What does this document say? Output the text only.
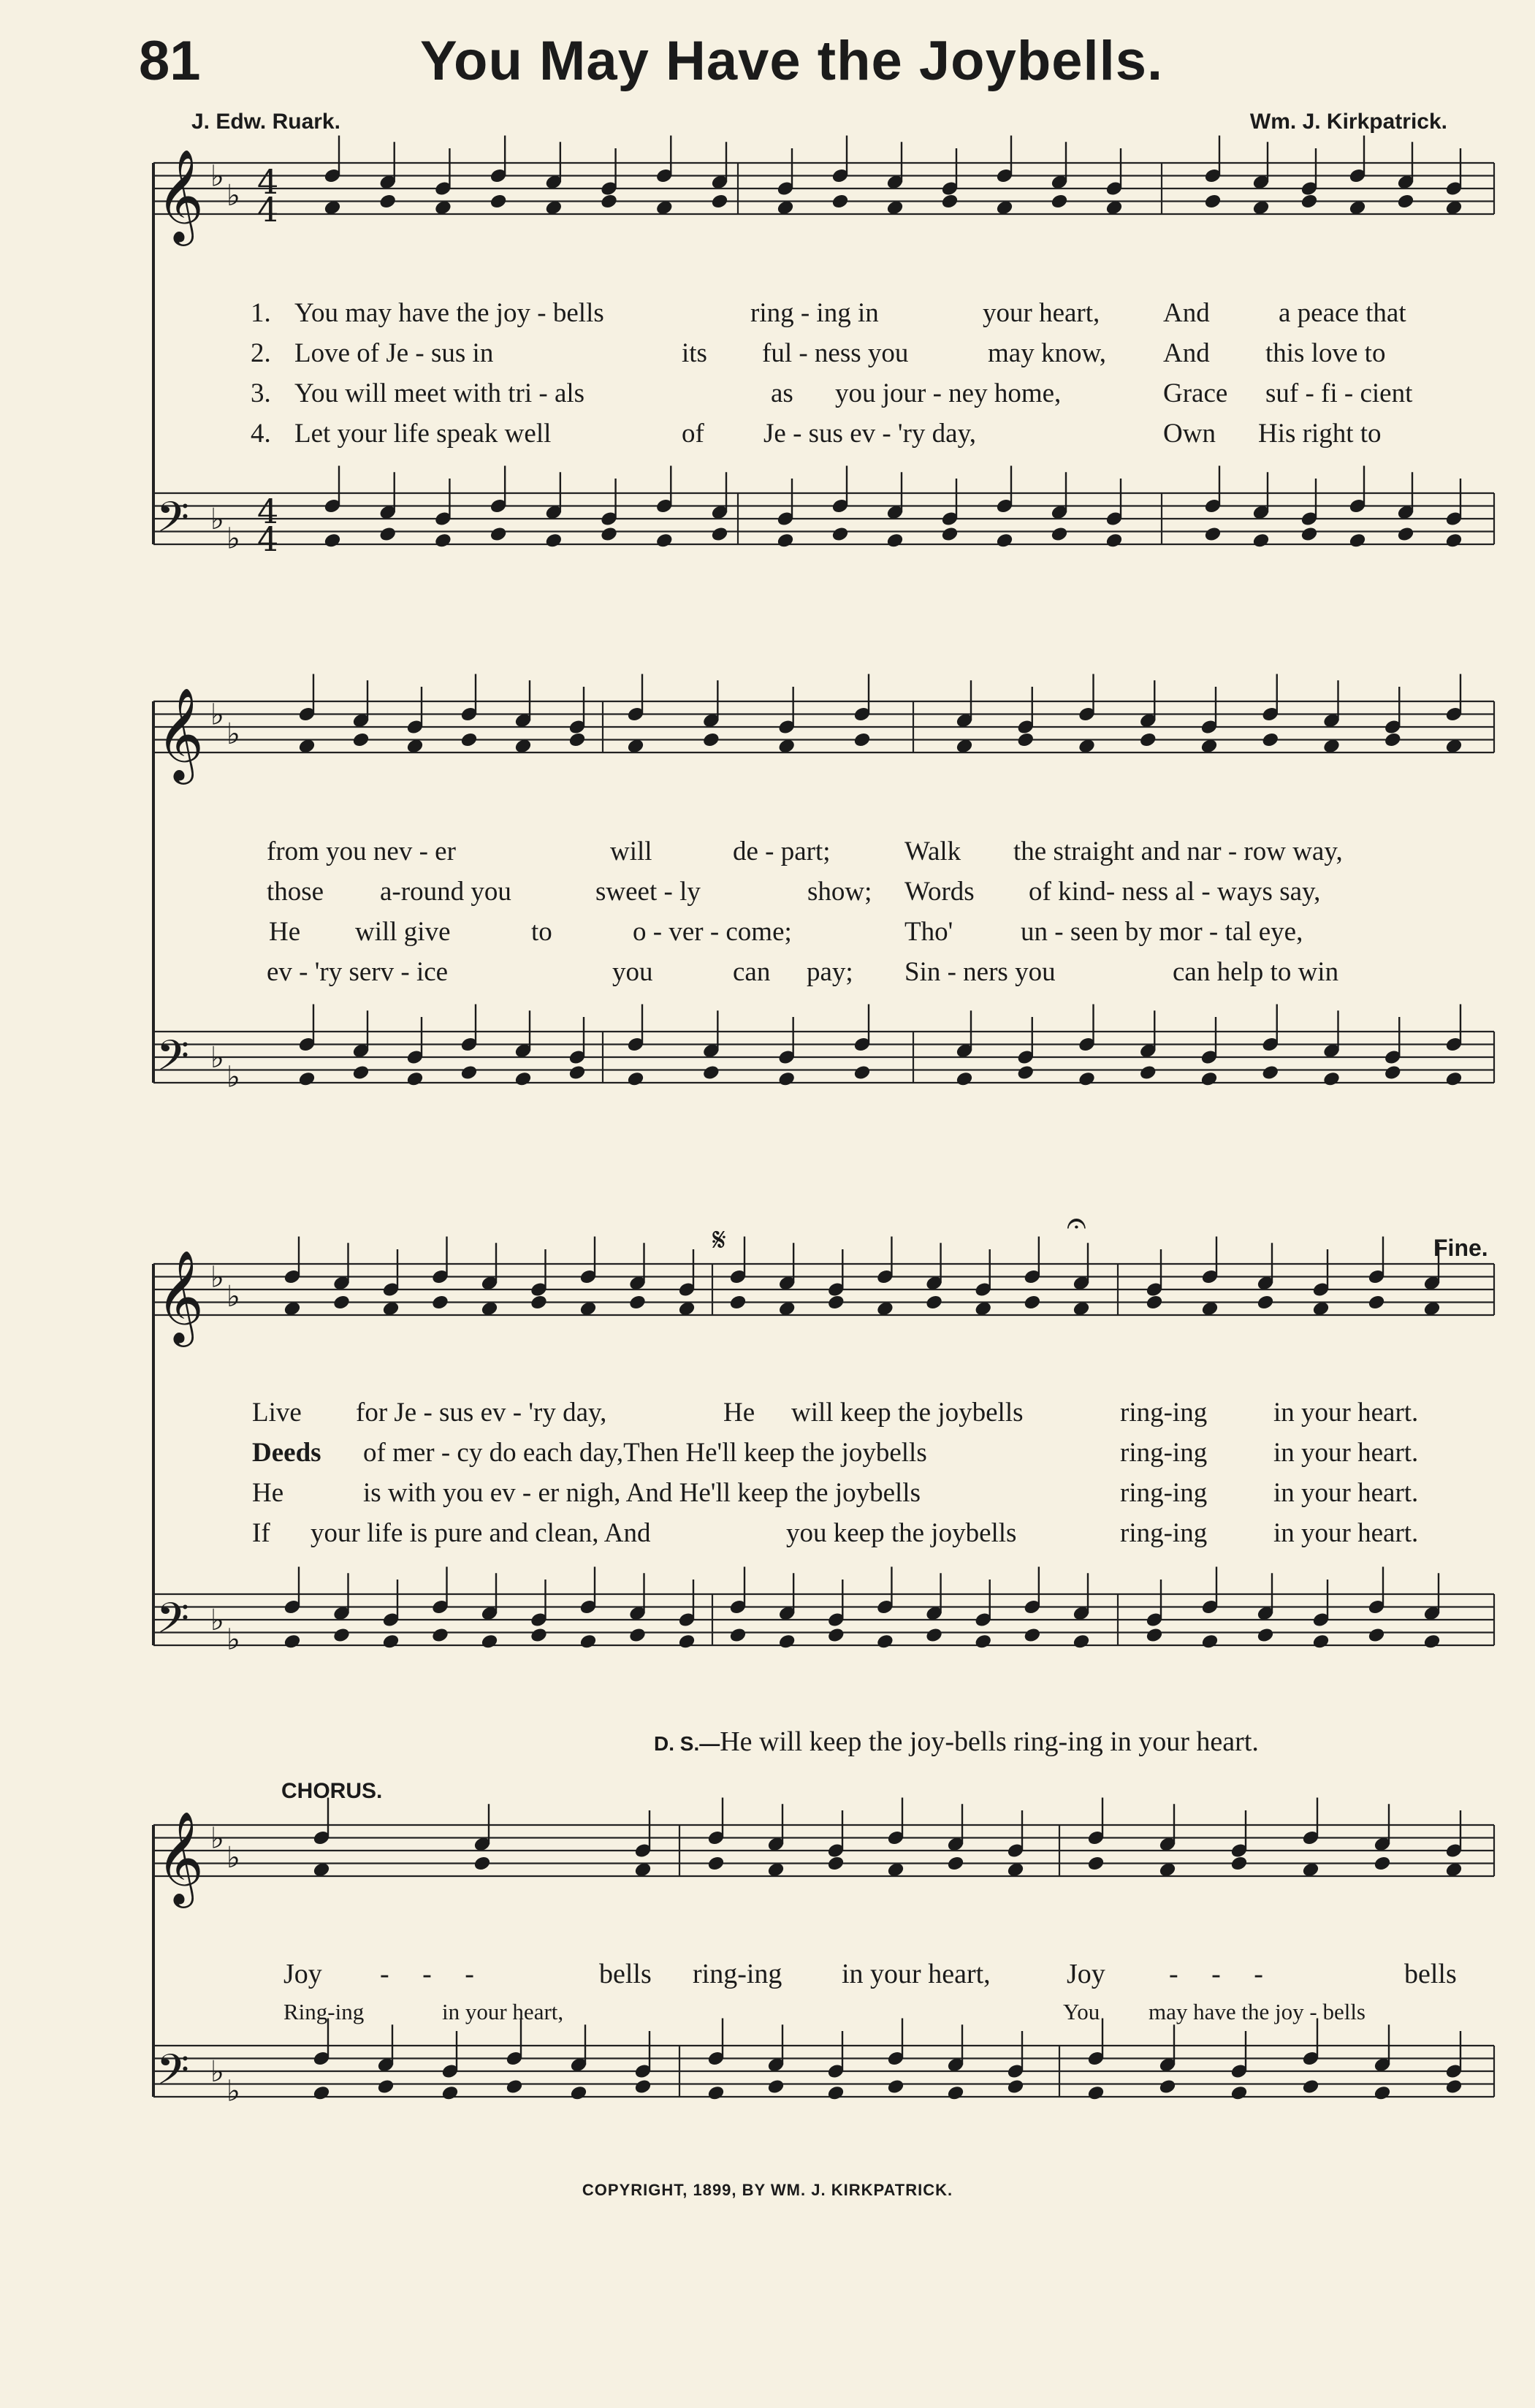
81	You May Have the Joybells.
J. Edw. Ruark.	Wm. J. Kirkpatrick.
4
4
4
4
𝄞 ♭
♭
𝄢 ♭
♭
𝄞 ♭
♭
𝄢 ♭
♭
𝄞 ♭
♭
𝄢 ♭
♭
𝄞 ♭
♭
𝄢 ♭
♭
𝄋	𝄐
1. You may have the joy - bells	ring - ing in	your heart, And	a peace that
2. Love of Je - sus in	its ful - ness you	may know, And this love to
3. You will meet with tri - als	as you jour - ney home,	Grace suf - fi - cient
4. Let your life speak well	of Je - sus ev - 'ry day,	Own His right to
from you nev - er	will	de - part;	Walk the straight and nar - row way,
those a-round you	sweet - ly	show; Words of kind- ness al - ways say,
He will give	to	o - ver - come;	Tho'	un - seen by mor - tal eye,
ev - 'ry serv - ice	you	can pay; Sin - ners you	can help to win
Live for Je - sus ev - 'ry day,	He will keep the joybells	ring-ing in your heart.
Deeds of mer - cy do each day,Then He'll keep the joybells	ring-ing in your heart.
He	is with you ev - er nigh, And He'll keep the joybells	ring-ing in your heart.
If your life is pure and clean, And	you keep the joybells	ring-ing in your heart.
Fine.
D. S.—He will keep the joy-bells ring-ing in your heart.
CHORUS.
Joy - - -	bells ring-ing in your heart,	Joy - - -	bells
Ring-ing	in your heart,	You may have the joy - bells
COPYRIGHT, 1899, BY WM. J. KIRKPATRICK.
